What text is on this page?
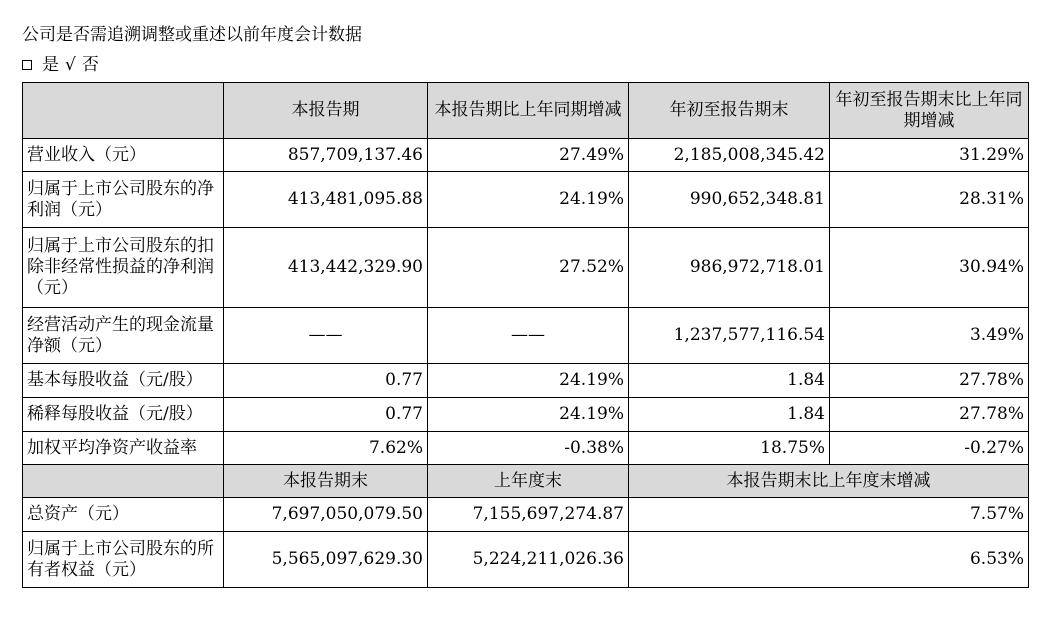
公司是否需追溯调整或重述以前年度会计数据
是 √ 否
	本报告期	本报告期比上年同期增减	年初至报告期末	年初至报告期末比上年同期增减
营业收入（元）	857,709,137.46	27.49%	2,185,008,345.42	31.29%
归属于上市公司股东的净利润（元）	413,481,095.88	24.19%	990,652,348.81	28.31%
归属于上市公司股东的扣除非经常性损益的净利润（元）	413,442,329.90	27.52%	986,972,718.01	30.94%
经营活动产生的现金流量净额（元）	——	——	1,237,577,116.54	3.49%
基本每股收益（元/股）	0.77	24.19%	1.84	27.78%
稀释每股收益（元/股）	0.77	24.19%	1.84	27.78%
加权平均净资产收益率	7.62%	-0.38%	18.75%	-0.27%
	本报告期末	上年度末	本报告期末比上年度末增减	
总资产（元）	7,697,050,079.50	7,155,697,274.87	7.57%	
归属于上市公司股东的所有者权益（元）	5,565,097,629.30	5,224,211,026.36	6.53%	
